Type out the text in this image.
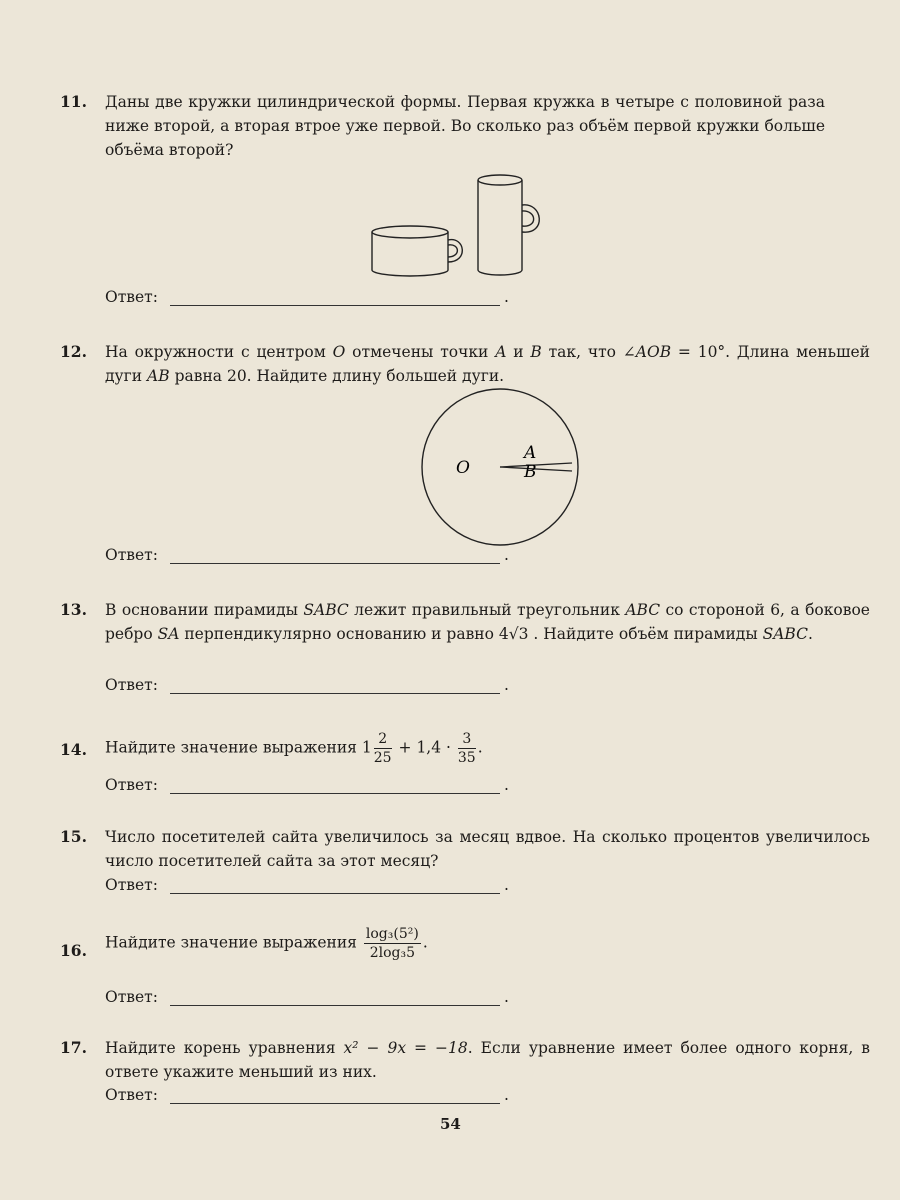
11. Даны две кружки цилиндрической формы. Первая кружка в четыре с половиной раза ниже второй, а вторая втрое уже первой. Во сколько раз объём первой кружки больше объёма второй?
Ответ:	.
12. На окружности с центром O отмечены точки A и B так, что ∠AOB = 10°. Длина меньшей дуги AB равна 20. Найдите длину большей дуги.
O
A
B
Ответ:	.
13. В основании пирамиды SABC лежит правильный треугольник ABC со стороной 6, а боковое ребро SA перпендикулярно основанию и равно 4√3 . Найдите объём пирамиды SABC.
Ответ:	.
14. Найдите значение выражения $1 \frac{2}{25} + 1,4 \cdot \frac{3}{35}$ .
Ответ:	.
15. Число посетителей сайта увеличилось за месяц вдвое. На сколько процентов увеличилось число посетителей сайта за этот месяц?
Ответ:	.
16. Найдите значение выражения $\frac{\text{log₃(5²)}}{\text{2log₃5}}$ .
Ответ:	.
17. Найдите корень уравнения x² − 9x = −18. Если уравнение имеет более одного корня, в ответе укажите меньший из них.
Ответ:	.
54
